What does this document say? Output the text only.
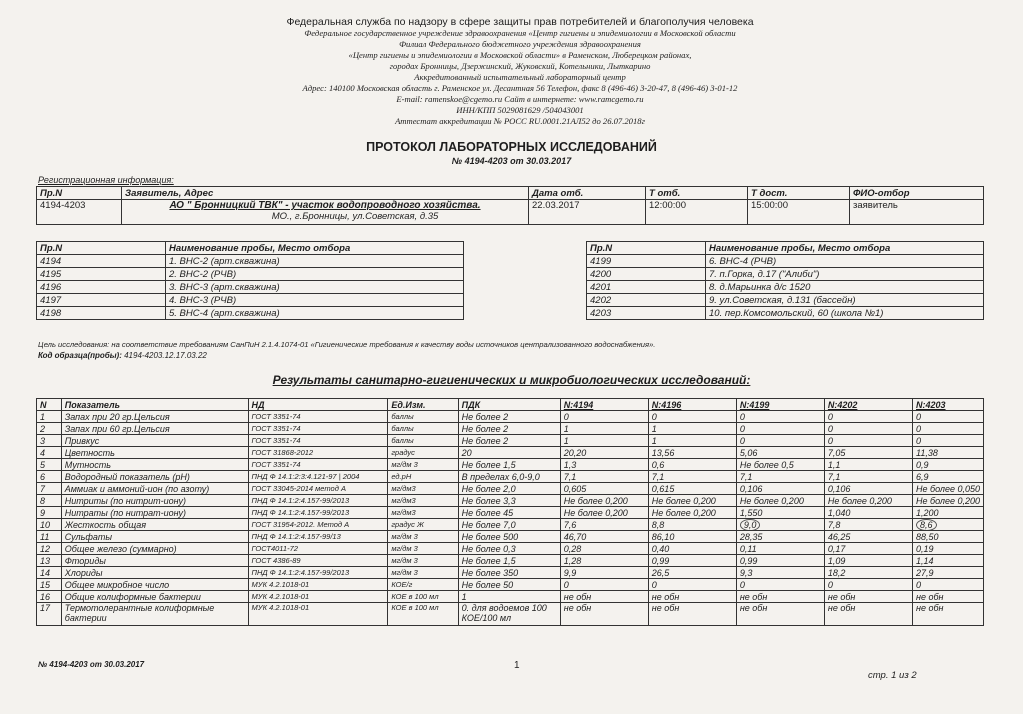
Федеральная служба по надзору в сфере защиты прав потребителей и благополучия человека
Федеральное государственное учреждение здравоохранения «Центр гигиены и эпидемиологии в Московской области
Филиал Федерального бюджетного учреждения здравоохранения
«Центр гигиены и эпидемиологии в Московской области» в Раменском, Люберецком районах,
городах Бронницы, Дзержинский, Жуковский, Котельники, Лыткарино
Аккредитованный испытательный лабораторный центр
Адрес: 140100 Московская область г. Раменское ул. Десантная 56 Телефон, факс 8 (496-46) 3-20-47, 8 (496-46) 3-01-12
E-mail: ramenskoe@cgemo.ru Сайт в интернете: www.ramcgemo.ru
ИНН/КПП 5029081629 /504043001
Аттестат аккредитации № РОСС RU.0001.21АЛ52 до 26.07.2018г
ПРОТОКОЛ ЛАБОРАТОРНЫХ ИССЛЕДОВАНИЙ
№ 4194-4203 от 30.03.2017
Регистрационная информация:
Пр.N	Заявитель, Адрес	Дата отб.	Т отб.	Т дост.	ФИО-отбор
4194-4203	АО " Бронницкий ТВК" - участок водопроводного хозяйства.
МО., г.Бронницы, ул.Советская, д.35	22.03.2017	12:00:00	15:00:00	заявитель
Пр.N	Наименование пробы, Место отбора
4194	1. ВНС-2 (арт.скважина)
4195	2. ВНС-2 (РЧВ)
4196	3. ВНС-3 (арт.скважина)
4197	4. ВНС-3 (РЧВ)
4198	5. ВНС-4 (арт.скважина)
Пр.N	Наименование пробы, Место отбора
4199	6. ВНС-4 (РЧВ)
4200	7. п.Горка, д.17 ("Алиби")
4201	8. д.Марьинка д/с 1520
4202	9. ул.Советская, д.131 (бассейн)
4203	10. пер.Комсомольский, 60 (школа №1)
Цель исследования: на соответствие требованиям СанПиН 2.1.4.1074-01 «Гигиенические требования к качеству воды источников централизованного водоснабжения».
Код образца(пробы): 4194-4203.12.17.03.22
Результаты санитарно-гигиенических и микробиологических исследований:
N	Показатель	НД	Ед.Изм.	ПДК	N:4194	N:4196	N:4199	N:4202	N:4203
1	Запах при 20 гр.Цельсия	ГОСТ 3351-74	баллы	Не более 2	0	0	0	0	0
2	Запах при 60 гр.Цельсия	ГОСТ 3351-74	баллы	Не более 2	1	1	0	0	0
3	Привкус	ГОСТ 3351-74	баллы	Не более 2	1	1	0	0	0
4	Цветность	ГОСТ 31868-2012	градус	20	20,20	13,56	5,06	7,05	11,38
5	Мутность	ГОСТ 3351-74	мг/дм 3	Не более 1,5	1,3	0,6	Не более 0,5	1,1	0,9
6	Водородный показатель (pH)	ПНД Ф 14.1:2:3:4.121-97 | 2004	ед.pH	В пределах 6,0-9,0	7,1	7,1	7,1	7,1	6,9
7	Аммиак и аммоний-ион (по азоту)	ГОСТ 33045-2014 метод А	мг/дм3	Не более 2,0	0,605	0,615	0,106	0,106	Не более 0,050
8	Нитриты (по нитрит-иону)	ПНД Ф 14.1:2:4.157-99/2013	мг/дм3	Не более 3,3	Не более 0,200	Не более 0,200	Не более 0,200	Не более 0,200	Не более 0,200
9	Нитраты (по нитрат-иону)	ПНД Ф 14.1:2:4.157-99/2013	мг/дм3	Не более 45	Не более 0,200	Не более 0,200	1,550	1,040	1,200
10	Жесткость общая	ГОСТ 31954-2012. Метод А	градус Ж	Не более 7,0	7,6	8,8	9,0	7,8	8,6
11	Сульфаты	ПНД Ф 14.1:2:4.157-99/13	мг/дм 3	Не более 500	46,70	86,10	28,35	46,25	88,50
12	Общее железо (суммарно)	ГОСТ4011-72	мг/дм 3	Не более 0,3	0,28	0,40	0,11	0,17	0,19
13	Фториды	ГОСТ 4386-89	мг/дм 3	Не более 1,5	1,28	0,99	0,99	1,09	1,14
14	Хлориды	ПНД Ф 14.1:2:4.157-99/2013	мг/дм 3	Не более 350	9,9	26,5	9,3	18,2	27,9
15	Общее микробное число	МУК 4.2.1018-01	КОЕ/г	Не более 50	0	0	0	0	0
16	Общие колиформные бактерии	МУК 4.2.1018-01	КОЕ в 100 мл	1	не обн	не обн	не обн	не обн	не обн
17	Термотолерантные колиформные бактерии	МУК 4.2.1018-01	КОЕ в 100 мл	0. для водоемов 100 КОЕ/100 мл	не обн	не обн	не обн	не обн	не обн
№ 4194-4203 от 30.03.2017	1
стр. 1 из 2
